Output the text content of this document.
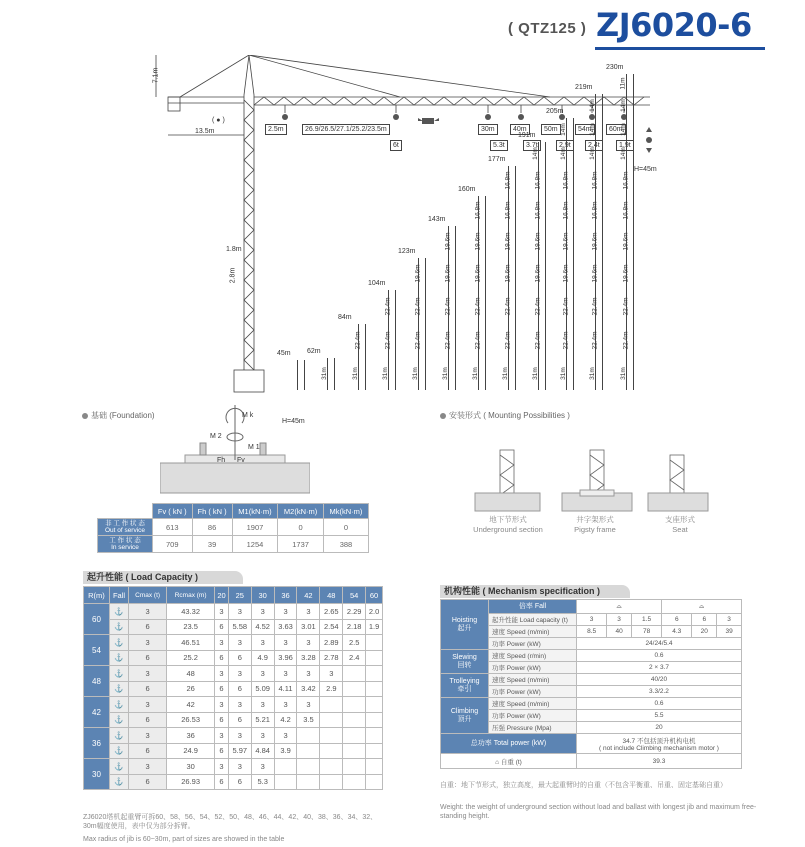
( QTZ125 ) ZJ6020-6
7.1m
13.5m
( ● )
1.8m
2.8m
H=45m
2.5m	26.9/26.5/27.1/25.2/23.5m
6t
30m
5.3t
40m
3.7t
50m
2.9t
54m
2.4t
60m
1.9t
45m
31m
62m
31m
22.4m
84m
31m
22.4m
22.4m
104m
31m
22.4m
22.4m
19.6m
123m
31m
22.4m
22.4m
19.6m
19.6m
143m
31m
22.4m
22.4m
19.6m
19.6m
16.8m
160m
31m
22.4m
22.4m
19.6m
19.6m
16.8m
16.8m
177m
31m
22.4m
22.4m
19.6m
19.6m
16.8m
16.8m
14m
191m
31m
22.4m
22.4m
19.6m
19.6m
16.8m
16.8m
14m
14m
205m
31m
22.4m
22.4m
19.6m
19.6m
16.8m
16.8m
14m
14m
14m
219m
31m
22.4m
22.4m
19.6m
19.6m
16.8m
16.8m
14m
14m
14m
11m
230m
基础 (Foundation)	M k
M 2
M 1
Fh Fv
H=45m
	Fv ( kN )	Fh ( kN )	M1(kN·m)	M2(kN·m)	Mk(kN·m)
非 工 作 状 态
Out of service	613	86	1907	0	0
工 作 状 态
In service	709	39	1254	1737	388
安装形式 ( Mounting Possibilities )
地下节形式
Underground section
井字架形式
Pigsty frame
支座形式
Seat
起升性能 ( Load Capacity )
R(m)	Fall	Cmax (t)	Rcmax (m)	20	25	30	36	42	48	54	60
60	⚓	3	43.32	3	3	3	3	3	2.65	2.29	2.0
	⚓	6	23.5	6	5.58	4.52	3.63	3.01	2.54	2.18	1.9
54	⚓	3	46.51	3	3	3	3	3	2.89	2.5	
	⚓	6	25.2	6	6	4.9	3.96	3.28	2.78	2.4	
48	⚓	3	48	3	3	3	3	3	3		
	⚓	6	26	6	6	5.09	4.11	3.42	2.9		
42	⚓	3	42	3	3	3	3	3			
	⚓	6	26.53	6	6	5.21	4.2	3.5			
36	⚓	3	36	3	3	3	3				
	⚓	6	24.9	6	5.97	4.84	3.9				
30	⚓	3	30	3	3	3					
	⚓	6	26.93	6	6	5.3					
ZJ6020塔机起重臂可拆60、58、56、54、52、50、48、46、44、42、40、38、36、34、32、30m幅度使用，表中仅为部分拆臂。
Max radius of jib is 60~30m, part of sizes are showed in the table
机构性能 ( Mechanism specification )
Hoisting
起升	倍率 Fall	⌓			⌓		
	起升性能 Load capacity (t)	3	3	1.5	6	6	3
	速度 Speed (m/min)	8.5	40	78	4.3	20	39
	功率 Power (kW)	24/24/5.4					
Slewing
回转	速度 Speed (r/min)	0.6					
	功率 Power (kW)	2 × 3.7					
Trolleying
牵引	速度 Speed (m/min)	40/20					
	功率 Power (kW)	3.3/2.2					
Climbing
顶升	速度 Speed (m/min)	0.6					
	功率 Power (kW)	5.5					
	压强 Pressure (Mpa)	20					
总功率 Total power (kW)		34.7 不包括顶升机构电机
( not include Climbing mechanism motor )					

⌂ 自重 (t)		39.3					
自重：地下节形式，独立高度，最大起重臂时的自重（不包含平衡重、吊重、固定基础自重）
Weight: the weight of underground section without load and ballast with longest jib and maximum free-standing height.
